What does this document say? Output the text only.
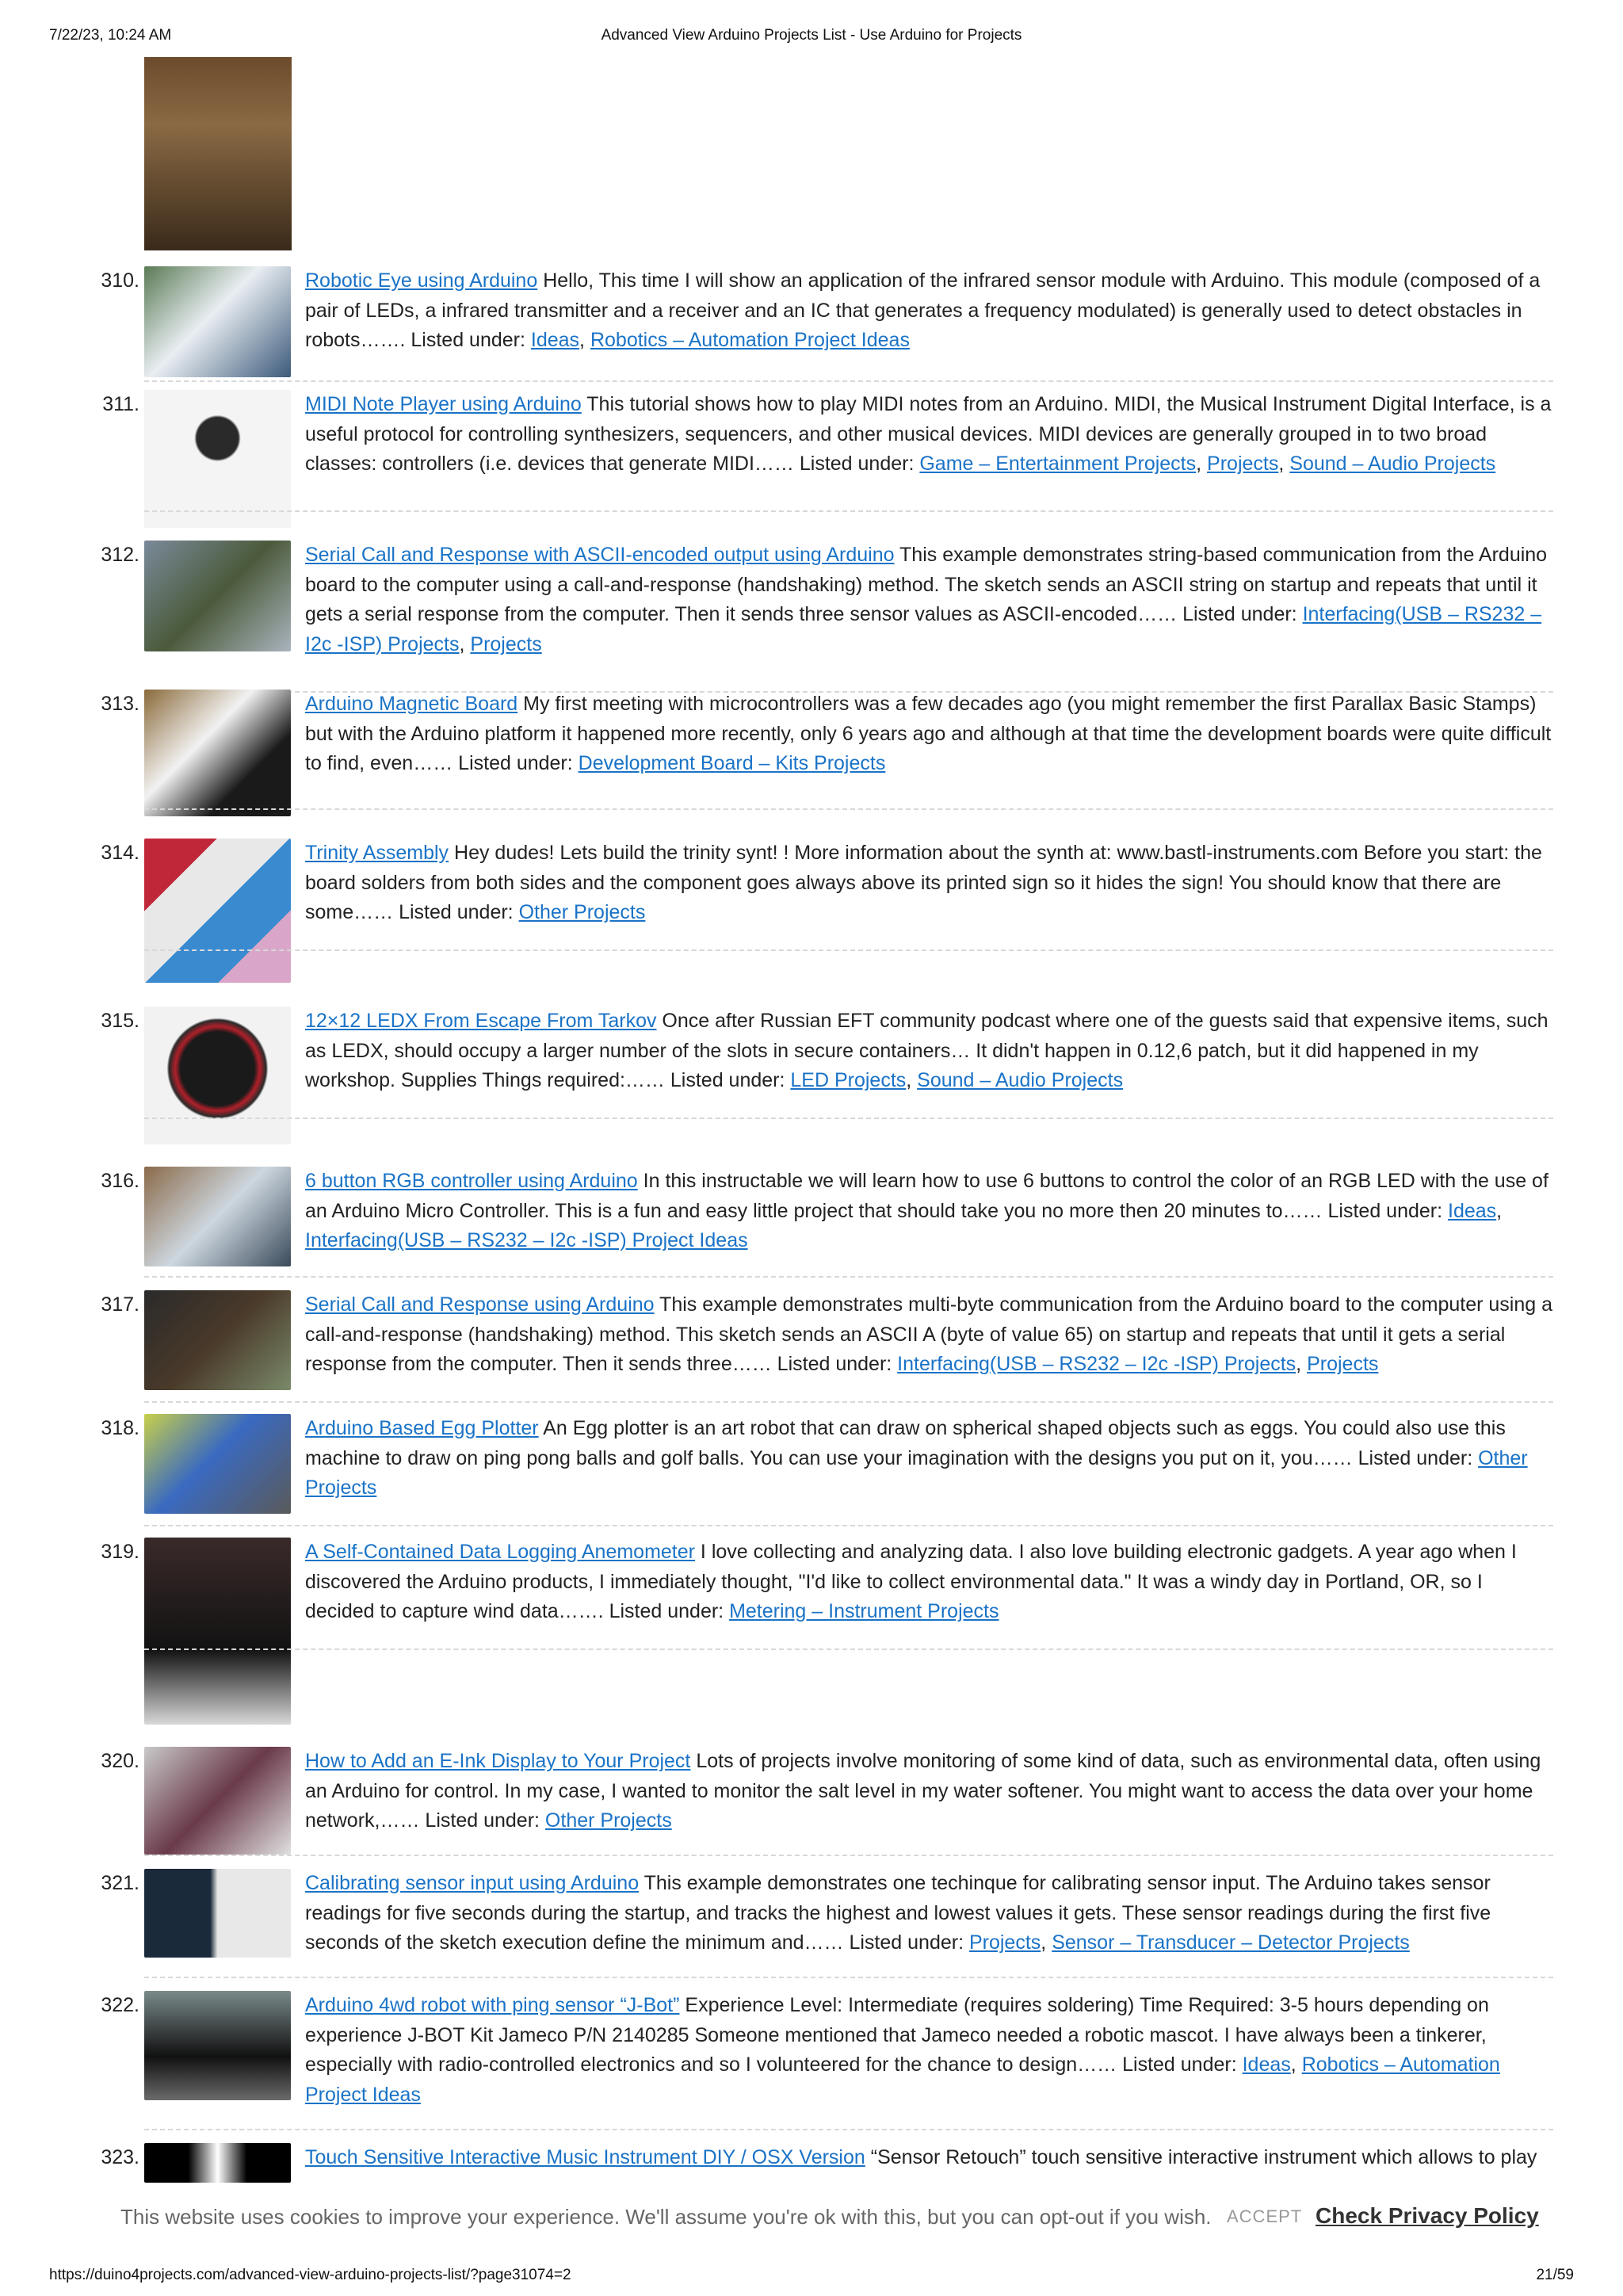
7/22/23, 10:24 AM	Advanced View Arduino Projects List - Use Arduino for Projects
310.	Robotic Eye using Arduino Hello, This time I will show an application of the infrared sensor module with Arduino. This module (composed of a pair of LEDs, a infrared transmitter and a receiver and an IC that generates a frequency modulated) is generally used to detect obstacles in robots……. Listed under: Ideas, Robotics – Automation Project Ideas
311.	MIDI Note Player using Arduino This tutorial shows how to play MIDI notes from an Arduino. MIDI, the Musical Instrument Digital Interface, is a useful protocol for controlling synthesizers, sequencers, and other musical devices. MIDI devices are generally grouped in to two broad classes: controllers (i.e. devices that generate MIDI…… Listed under: Game – Entertainment Projects, Projects, Sound – Audio Projects
312.	Serial Call and Response with ASCII-encoded output using Arduino This example demonstrates string-based communication from the Arduino board to the computer using a call-and-response (handshaking) method. The sketch sends an ASCII string on startup and repeats that until it gets a serial response from the computer. Then it sends three sensor values as ASCII-encoded…… Listed under: Interfacing(USB – RS232 – I2c -ISP) Projects, Projects
313.	Arduino Magnetic Board My first meeting with microcontrollers was a few decades ago (you might remember the first Parallax Basic Stamps) but with the Arduino platform it happened more recently, only 6 years ago and although at that time the development boards were quite difficult to find, even…… Listed under: Development Board – Kits Projects
314.	Trinity Assembly Hey dudes! Lets build the trinity synt! ! More information about the synth at: www.bastl-instruments.com Before you start: the board solders from both sides and the component goes always above its printed sign so it hides the sign! You should know that there are some…… Listed under: Other Projects
315.	12×12 LEDX From Escape From Tarkov Once after Russian EFT community podcast where one of the guests said that expensive items, such as LEDX, should occupy a larger number of the slots in secure containers… It didn't happen in 0.12,6 patch, but it did happened in my workshop. Supplies Things required:…… Listed under: LED Projects, Sound – Audio Projects
316.	6 button RGB controller using Arduino In this instructable we will learn how to use 6 buttons to control the color of an RGB LED with the use of an Arduino Micro Controller. This is a fun and easy little project that should take you no more then 20 minutes to…… Listed under: Ideas, Interfacing(USB – RS232 – I2c -ISP) Project Ideas
317.	Serial Call and Response using Arduino This example demonstrates multi-byte communication from the Arduino board to the computer using a call-and-response (handshaking) method. This sketch sends an ASCII A (byte of value 65) on startup and repeats that until it gets a serial response from the computer. Then it sends three…… Listed under: Interfacing(USB – RS232 – I2c -ISP) Projects, Projects
318.	Arduino Based Egg Plotter An Egg plotter is an art robot that can draw on spherical shaped objects such as eggs. You could also use this machine to draw on ping pong balls and golf balls. You can use your imagination with the designs you put on it, you…… Listed under: Other Projects
319.	A Self-Contained Data Logging Anemometer I love collecting and analyzing data. I also love building electronic gadgets. A year ago when I discovered the Arduino products, I immediately thought, "I'd like to collect environmental data." It was a windy day in Portland, OR, so I decided to capture wind data……. Listed under: Metering – Instrument Projects
320.	How to Add an E-Ink Display to Your Project Lots of projects involve monitoring of some kind of data, such as environmental data, often using an Arduino for control. In my case, I wanted to monitor the salt level in my water softener. You might want to access the data over your home network,…… Listed under: Other Projects
321.	Calibrating sensor input using Arduino This example demonstrates one techinque for calibrating sensor input. The Arduino takes sensor readings for five seconds during the startup, and tracks the highest and lowest values it gets. These sensor readings during the first five seconds of the sketch execution define the minimum and…… Listed under: Projects, Sensor – Transducer – Detector Projects
322.	Arduino 4wd robot with ping sensor “J-Bot” Experience Level: Intermediate (requires soldering) Time Required: 3-5 hours depending on experience J-BOT Kit Jameco P/N 2140285 Someone mentioned that Jameco needed a robotic mascot. I have always been a tinkerer, especially with radio-controlled electronics and so I volunteered for the chance to design…… Listed under: Ideas, Robotics – Automation Project Ideas
323.	Touch Sensitive Interactive Music Instrument DIY / OSX Version “Sensor Retouch” touch sensitive interactive instrument which allows to play
This website uses cookies to improve your experience. We'll assume you're ok with this, but you can opt-out if you wish. ACCEPT Check Privacy Policy
https://duino4projects.com/advanced-view-arduino-projects-list/?page31074=2	21/59
